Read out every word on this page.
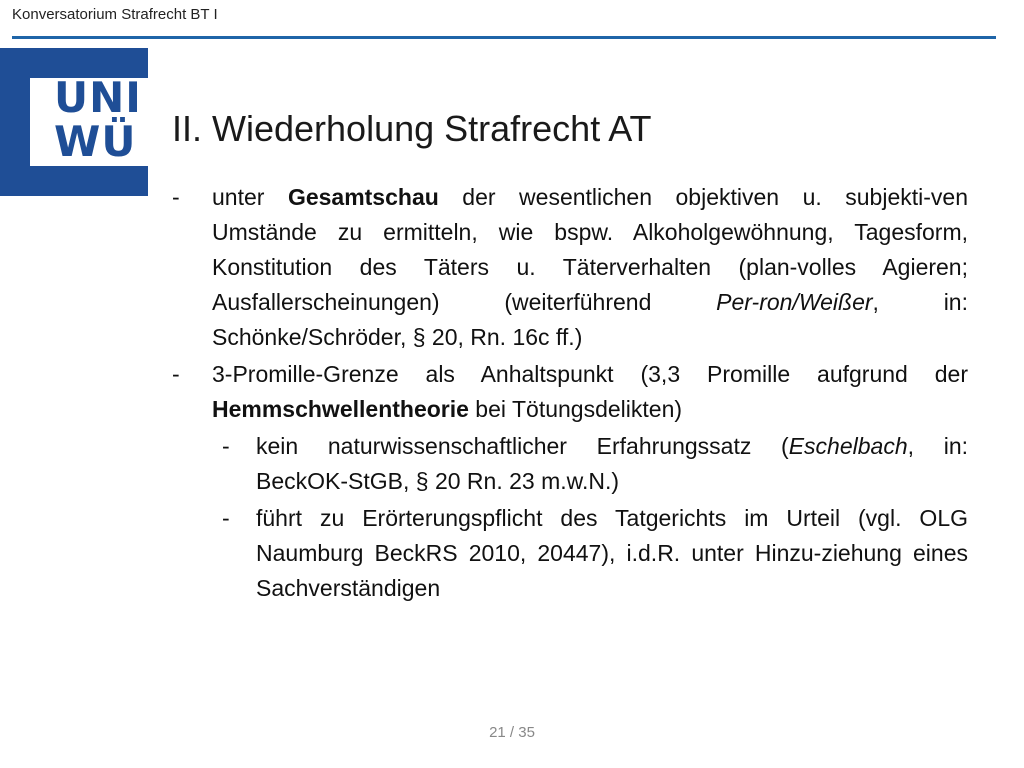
Konversatorium Strafrecht BT I
UNI
WÜ II. Wiederholung Strafrecht AT
- unter Gesamtschau der wesentlichen objektiven u. subjekti-ven Umstände zu ermitteln, wie bspw. Alkoholgewöhnung, Tagesform, Konstitution des Täters u. Täterverhalten (plan-volles Agieren; Ausfallerscheinungen) (weiterführend Per-ron/Weißer, in: Schönke/Schröder, § 20, Rn. 16c ff.)
- 3-Promille-Grenze als Anhaltspunkt (3,3 Promille aufgrund der Hemmschwellentheorie bei Tötungsdelikten)
- kein naturwissenschaftlicher Erfahrungssatz (Eschelbach, in: BeckOK-StGB, § 20 Rn. 23 m.w.N.)
- führt zu Erörterungspflicht des Tatgerichts im Urteil (vgl. OLG Naumburg BeckRS 2010, 20447), i.d.R. unter Hinzu-ziehung eines Sachverständigen
21 / 35
